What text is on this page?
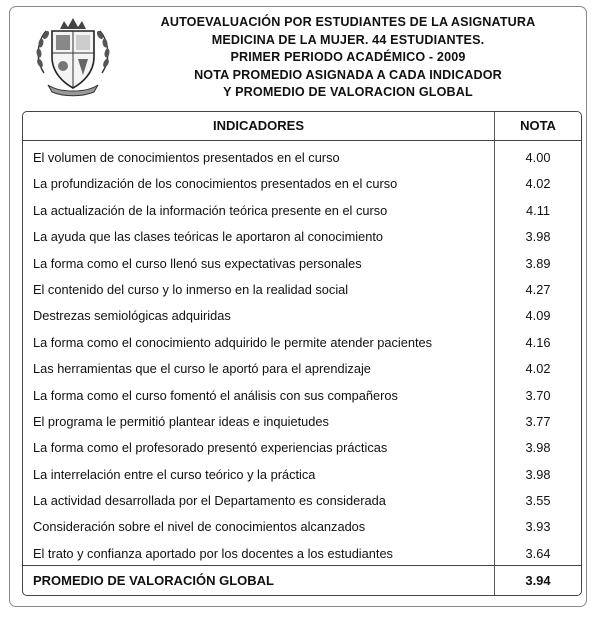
AUTOEVALUACIÓN POR ESTUDIANTES DE LA ASIGNATURA
MEDICINA DE LA MUJER. 44 ESTUDIANTES.
PRIMER PERIODO ACADÉMICO - 2009
NOTA PROMEDIO ASIGNADA A CADA INDICADOR
Y PROMEDIO DE VALORACION GLOBAL
INDICADORES	NOTA
El volumen de conocimientos presentados en el curso	4.00
La profundización de los conocimientos presentados en el curso	4.02
La actualización de la información teórica presente en el curso	4.11
La ayuda que las clases teóricas le aportaron al conocimiento	3.98
La forma como el curso llenó sus expectativas personales	3.89
El contenido del curso y lo inmerso en la realidad social	4.27
Destrezas semiológicas adquiridas	4.09
La forma como el conocimiento adquirido le permite atender pacientes	4.16
Las herramientas que el curso le aportó para el aprendizaje	4.02
La forma como el curso fomentó el análisis con sus compañeros	3.70
El programa le permitió plantear ideas e inquietudes	3.77
La forma como el profesorado presentó experiencias prácticas	3.98
La interrelación entre el curso teórico y la práctica	3.98
La actividad desarrollada por el Departamento es considerada	3.55
Consideración sobre el nivel de conocimientos alcanzados	3.93
El trato y confianza aportado por los docentes a los estudiantes	3.64
PROMEDIO DE VALORACIÓN GLOBAL	3.94
